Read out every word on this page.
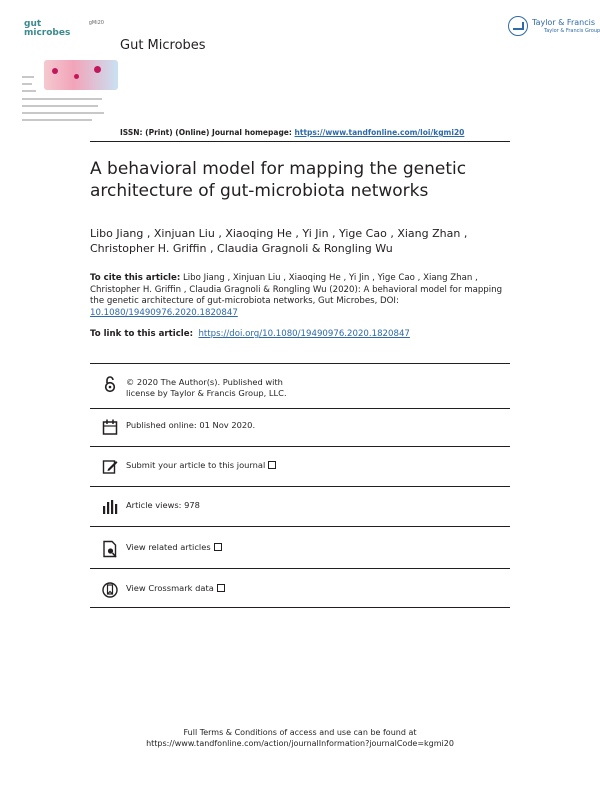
gut
microbes
gMi20
Gut Microbes
Taylor & Francis
Taylor & Francis Group
ISSN: (Print) (Online) Journal homepage: https://www.tandfonline.com/loi/kgmi20
A behavioral model for mapping the genetic architecture of gut-microbiota networks
Libo Jiang , Xinjuan Liu , Xiaoqing He , Yi Jin , Yige Cao , Xiang Zhan , Christopher H. Griffin , Claudia Gragnoli & Rongling Wu
To cite this article: Libo Jiang , Xinjuan Liu , Xiaoqing He , Yi Jin , Yige Cao , Xiang Zhan , Christopher H. Griffin , Claudia Gragnoli & Rongling Wu (2020): A behavioral model for mapping the genetic architecture of gut-microbiota networks, Gut Microbes, DOI: 10.1080/19490976.2020.1820847
To link to this article: https://doi.org/10.1080/19490976.2020.1820847
© 2020 The Author(s). Published with
license by Taylor & Francis Group, LLC.
Published online: 01 Nov 2020.
Submit your article to this journal
Article views: 978
View related articles
View Crossmark data
Full Terms & Conditions of access and use can be found at
https://www.tandfonline.com/action/journalInformation?journalCode=kgmi20
